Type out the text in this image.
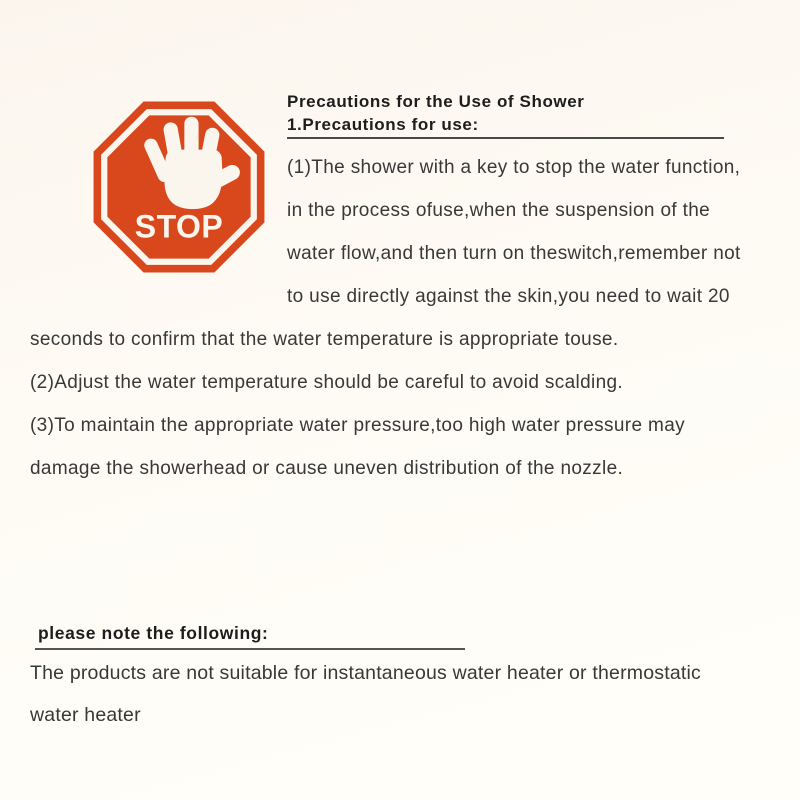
STOP
Precautions for the Use of Shower
1.Precautions for use:
(1)The shower with a key to stop the water function,
in the process ofuse,when the suspension of the
water flow,and then turn on theswitch,remember not
to use directly against the skin,you need to wait 20
seconds to confirm that the water temperature is appropriate touse.
(2)Adjust the water temperature should be careful to avoid scalding.
(3)To maintain the appropriate water pressure,too high water pressure may
damage the showerhead or cause uneven distribution of the nozzle.
please note the following:
The products are not suitable for instantaneous water heater or thermostatic
water heater
